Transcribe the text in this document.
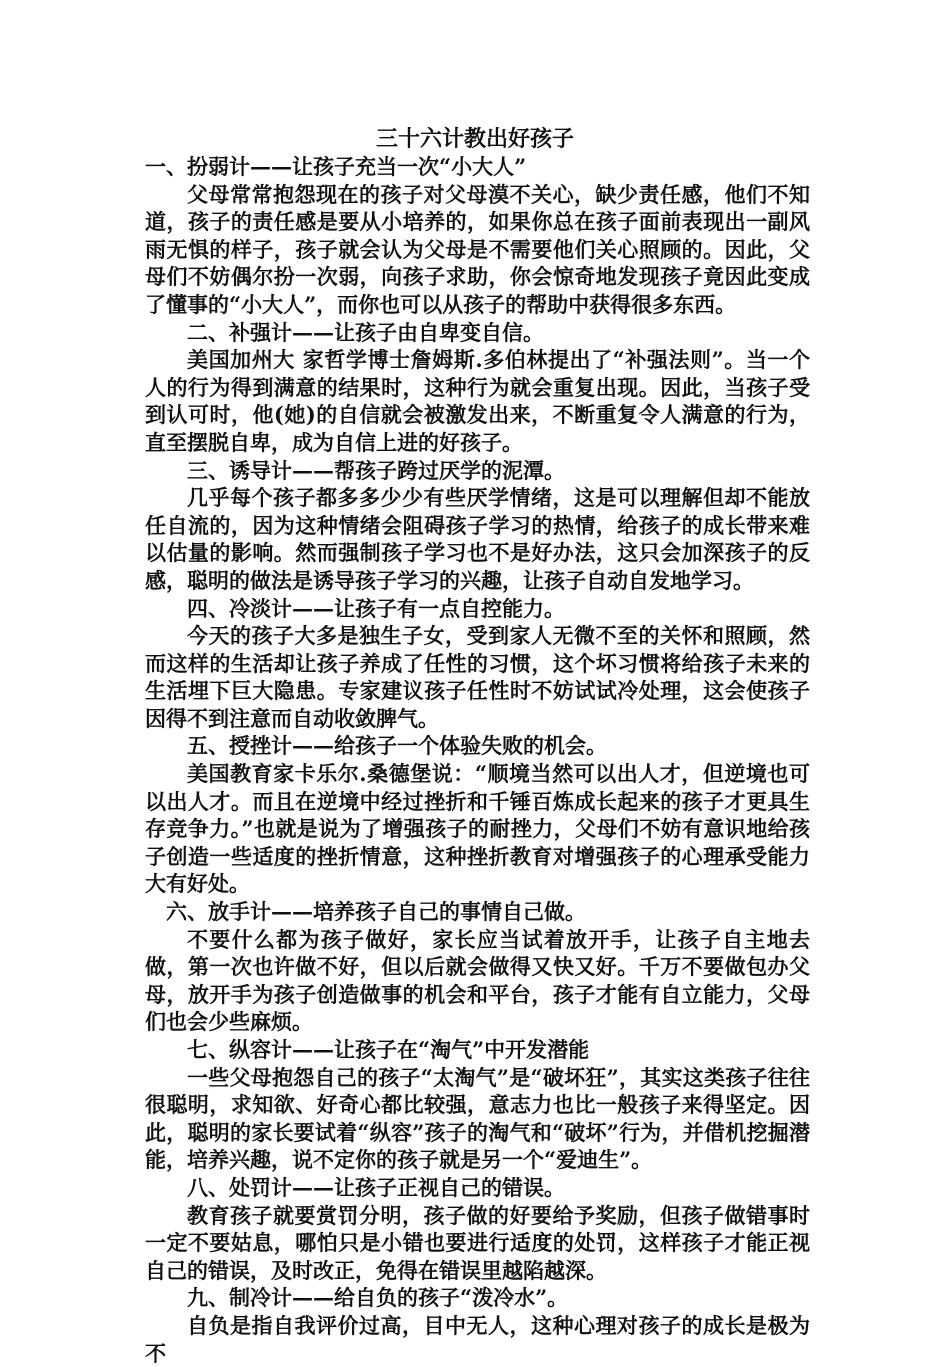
三十六计教出好孩子

一、扮弱计——让孩子充当一次“小大人”

父母常常抱怨现在的孩子对父母漠不关心，缺少责任感，他们不知道，孩子的责任感是要从小培养的，如果你总在孩子面前表现出一副风雨无惧的样子，孩子就会认为父母是不需要他们关心照顾的。因此，父母们不妨偶尔扮一次弱，向孩子求助，你会惊奇地发现孩子竟因此变成了懂事的“小大人”，而你也可以从孩子的帮助中获得很多东西。

二、补强计——让孩子由自卑变自信。

美国加州大 家哲学博士詹姆斯.多伯林提出了“补强法则”。当一个人的行为得到满意的结果时，这种行为就会重复出现。因此，当孩子受到认可时，他(她)的自信就会被激发出来，不断重复令人满意的行为，直至摆脱自卑，成为自信上进的好孩子。

三、诱导计——帮孩子跨过厌学的泥潭。

几乎每个孩子都多多少少有些厌学情绪，这是可以理解但却不能放任自流的，因为这种情绪会阻碍孩子学习的热情，给孩子的成长带来难以估量的影响。然而强制孩子学习也不是好办法，这只会加深孩子的反感，聪明的做法是诱导孩子学习的兴趣，让孩子自动自发地学习。

四、冷淡计——让孩子有一点自控能力。

今天的孩子大多是独生子女，受到家人无微不至的关怀和照顾，然而这样的生活却让孩子养成了任性的习惯，这个坏习惯将给孩子未来的生活埋下巨大隐患。专家建议孩子任性时不妨试试冷处理，这会使孩子因得不到注意而自动收敛脾气。

五、授挫计——给孩子一个体验失败的机会。

美国教育家卡乐尔.桑德堡说：“顺境当然可以出人才，但逆境也可以出人才。而且在逆境中经过挫折和千锤百炼成长起来的孩子才更具生存竞争力。”也就是说为了增强孩子的耐挫力，父母们不妨有意识地给孩子创造一些适度的挫折情意，这种挫折教育对增强孩子的心理承受能力大有好处。

六、放手计——培养孩子自己的事情自己做。

不要什么都为孩子做好，家长应当试着放开手，让孩子自主地去做，第一次也许做不好，但以后就会做得又快又好。千万不要做包办父母，放开手为孩子创造做事的机会和平台，孩子才能有自立能力，父母们也会少些麻烦。

七、纵容计——让孩子在“淘气”中开发潜能

一些父母抱怨自己的孩子“太淘气”是“破坏狂”，其实这类孩子往往很聪明，求知欲、好奇心都比较强，意志力也比一般孩子来得坚定。因此，聪明的家长要试着“纵容”孩子的淘气和“破坏”行为，并借机挖掘潜能，培养兴趣，说不定你的孩子就是另一个“爱迪生”。

八、处罚计——让孩子正视自己的错误。

教育孩子就要赏罚分明，孩子做的好要给予奖励，但孩子做错事时一定不要姑息，哪怕只是小错也要进行适度的处罚，这样孩子才能正视自己的错误，及时改正，免得在错误里越陷越深。

九、制冷计——给自负的孩子“泼冷水”。

自负是指自我评价过高，目中无人，这种心理对孩子的成长是极为不
